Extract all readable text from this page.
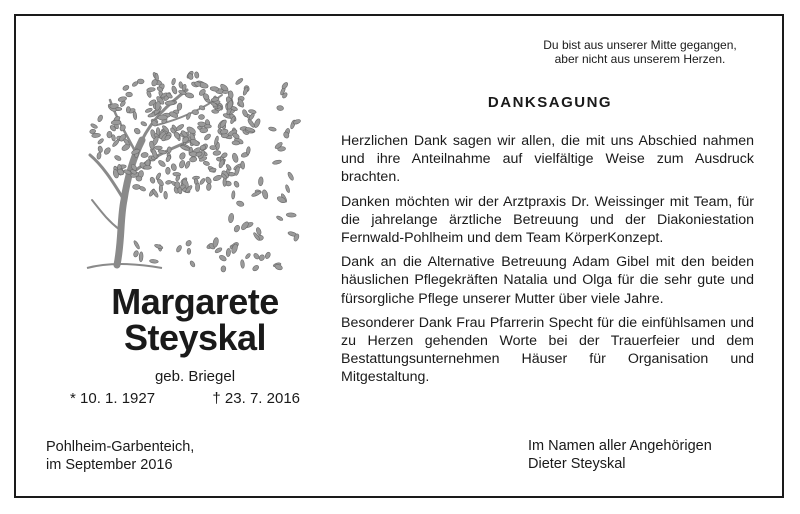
Du bist aus unserer Mitte gegangen,
aber nicht aus unserem Herzen.
DANKSAGUNG

Herzlichen Dank sagen wir allen, die mit uns Abschied nahmen und ihre Anteilnahme auf vielfältige Weise zum Ausdruck brachten.

Danken möchten wir der Arztpraxis Dr. Weissinger mit Team, für die jahrelange ärztliche Betreuung und der Diakoniestation Fernwald-Pohlheim und dem Team KörperKonzept.

Dank an die Alternative Betreuung Adam Gibel mit den beiden häuslichen Pflegekräften Natalia und Olga für die sehr gute und fürsorgliche Pflege unserer Mutter über viele Jahre.

Besonderer Dank Frau Pfarrerin Specht für die einfühlsamen und zu Herzen gehenden Worte bei der Trauerfeier und dem Bestattungsunternehmen Häuser für Organisation und Mitgestaltung.

Margarete
Steyskal
geb. Briegel
* 10. 1. 1927	† 23. 7. 2016
Pohlheim-Garbenteich,
im September 2016
Im Namen aller Angehörigen
Dieter Steyskal
